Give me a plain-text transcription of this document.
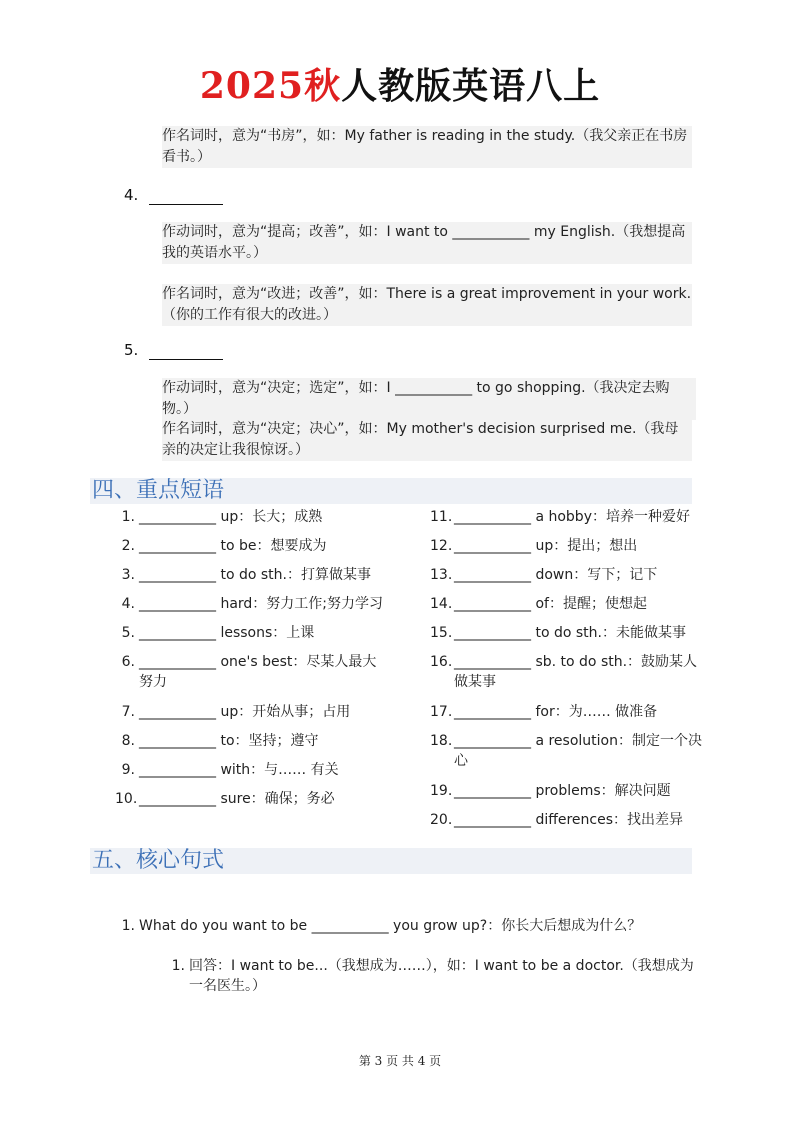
2025秋人教版英语八上
作名词时，意为“书房”，如：My father is reading in the study.（我父亲正在书房看书。）
4.
作动词时，意为“提高；改善”，如：I want to ___________ my English.（我想提高我的英语水平。）
作名词时，意为“改进；改善”，如：There is a great improvement in your work.（你的工作有很大的改进。）
5.
作动词时，意为“决定；选定”，如：I ___________ to go shopping.（我决定去购物。）
作名词时，意为“决定；决心”，如：My mother's decision surprised me.（我母亲的决定让我很惊讶。）
四、重点短语
1. ___________ up：长大；成熟
2. ___________ to be：想要成为
3. ___________ to do sth.：打算做某事
4. ___________ hard：努力工作;努力学习
5. ___________ lessons：上课
6. ___________ one's best：尽某人最大
努力
7. ___________ up：开始从事；占用
8. ___________ to：坚持；遵守
9. ___________ with：与…… 有关
10. ___________ sure：确保；务必
11. ___________ a hobby：培养一种爱好
12. ___________ up：提出；想出
13. ___________ down：写下；记下
14. ___________ of：提醒；使想起
15. ___________ to do sth.：未能做某事
16. ___________ sb. to do sth.：鼓励某人
做某事
17. ___________ for：为…… 做准备
18. ___________ a resolution：制定一个决
心
19. ___________ problems：解决问题
20. ___________ differences：找出差异
五、核心句式
1. What do you want to be ___________ you grow up?：你长大后想成为什么？
1. 回答：I want to be...（我想成为……），如：I want to be a doctor.（我想成为
一名医生。）
第 3 页 共 4 页
